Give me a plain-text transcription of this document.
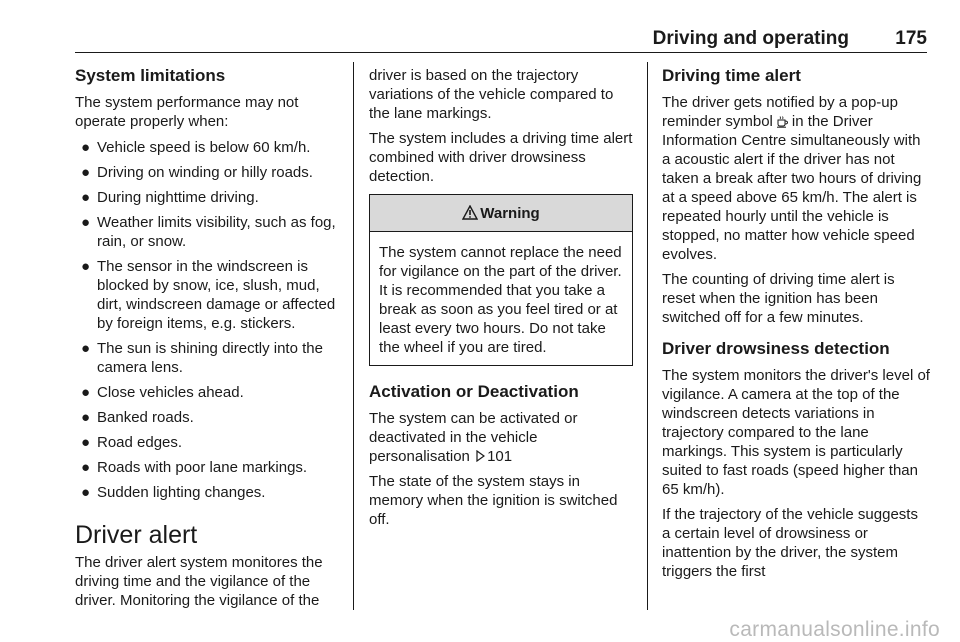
Driving and operating 175
System limitations

The system performance may not operate properly when:

● Vehicle speed is below 60 km/h.
● Driving on winding or hilly roads.
● During nighttime driving.
● Weather limits visibility, such as fog, rain, or snow.
● The sensor in the windscreen is blocked by snow, ice, slush, mud, dirt, windscreen damage or affected by foreign items, e.g. stickers.
● The sun is shining directly into the camera lens.
● Close vehicles ahead.
● Banked roads.
● Road edges.
● Roads with poor lane markings.
● Sudden lighting changes.
Driver alert

The driver alert system monitores the driving time and the vigilance of the driver. Monitoring the vigilance of the

driver is based on the trajectory variations of the vehicle compared to the lane markings.

The system includes a driving time alert combined with driver drowsiness detection.

Warning
The system cannot replace the need for vigilance on the part of the driver. It is recommended that you take a break as soon as you feel tired or at least every two hours. Do not take the wheel if you are tired.
Activation or Deactivation

The system can be activated or deactivated in the vehicle personalisation 101

The state of the system stays in memory when the ignition is switched off.

Driving time alert

The driver gets notified by a pop-up reminder symbol in the Driver Information Centre simultaneously with a acoustic alert if the driver has not taken a break after two hours of driving at a speed above 65 km/h. The alert is repeated hourly until the vehicle is stopped, no matter how vehicle speed evolves.

The counting of driving time alert is reset when the ignition has been switched off for a few minutes.

Driver drowsiness detection

The system monitors the driver's level of vigilance. A camera at the top of the windscreen detects variations in trajectory compared to the lane markings. This system is particularly suited to fast roads (speed higher than 65 km/h).

If the trajectory of the vehicle suggests a certain level of drowsiness or inattention by the driver, the system triggers the first

carmanualsonline.info
